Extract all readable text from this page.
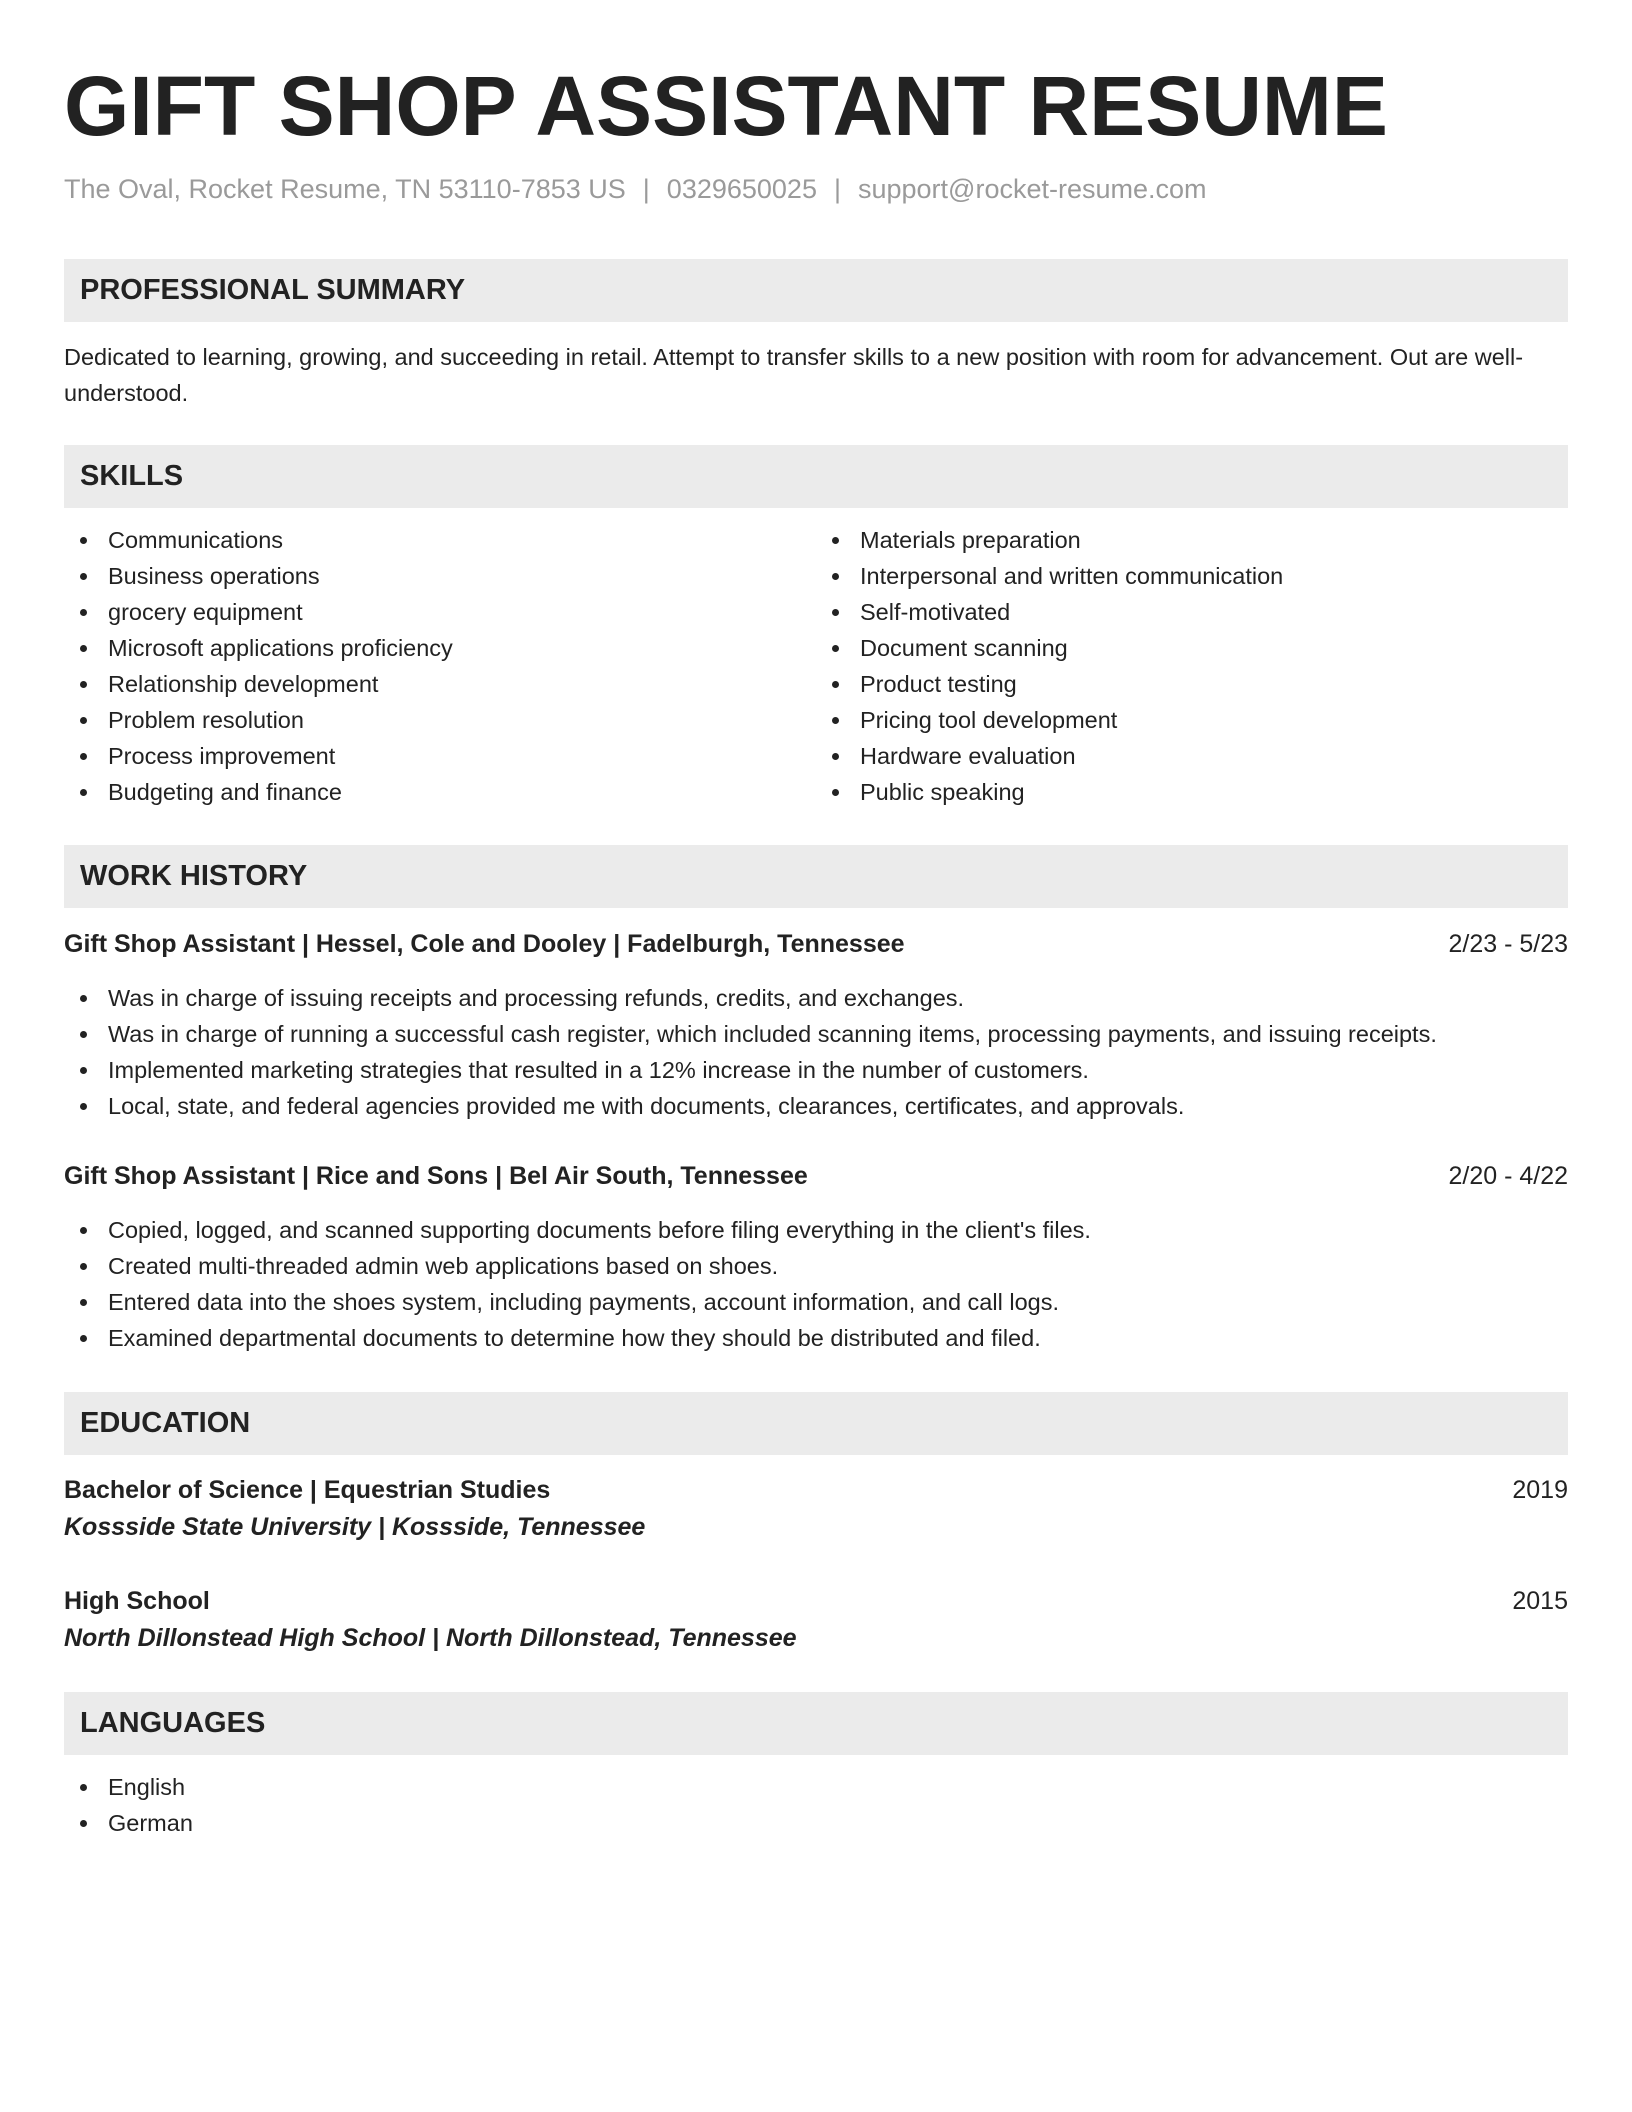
GIFT SHOP ASSISTANT RESUME
The Oval, Rocket Resume, TN 53110-7853 US | 0329650025 | support@rocket-resume.com
PROFESSIONAL SUMMARY

Dedicated to learning, growing, and succeeding in retail. Attempt to transfer skills to a new position with room for advancement. Out are well-understood.

SKILLS
Communications
Business operations
grocery equipment
Microsoft applications proficiency
Relationship development
Problem resolution
Process improvement
Budgeting and finance
Materials preparation
Interpersonal and written communication
Self-motivated
Document scanning
Product testing
Pricing tool development
Hardware evaluation
Public speaking
WORK HISTORY
Gift Shop Assistant | Hessel, Cole and Dooley | Fadelburgh, Tennessee	2/23 - 5/23
Was in charge of issuing receipts and processing refunds, credits, and exchanges.
Was in charge of running a successful cash register, which included scanning items, processing payments, and issuing receipts.
Implemented marketing strategies that resulted in a 12% increase in the number of customers.
Local, state, and federal agencies provided me with documents, clearances, certificates, and approvals.
Gift Shop Assistant | Rice and Sons | Bel Air South, Tennessee	2/20 - 4/22
Copied, logged, and scanned supporting documents before filing everything in the client's files.
Created multi-threaded admin web applications based on shoes.
Entered data into the shoes system, including payments, account information, and call logs.
Examined departmental documents to determine how they should be distributed and filed.
EDUCATION
Bachelor of Science | Equestrian Studies	2019
Kossside State University | Kossside, Tennessee
High School	2015
North Dillonstead High School | North Dillonstead, Tennessee
LANGUAGES
English
German
